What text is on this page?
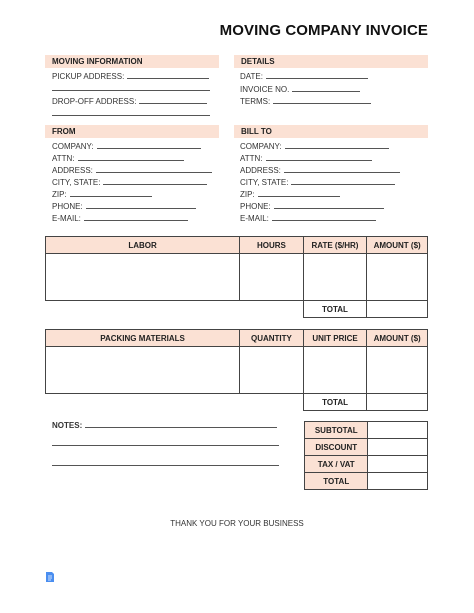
MOVING COMPANY INVOICE
MOVING INFORMATION
PICKUP ADDRESS:
DROP-OFF ADDRESS:
DETAILS
DATE:
INVOICE NO.
TERMS:
FROM
COMPANY:
ATTN:
ADDRESS:
CITY, STATE:
ZIP:
PHONE:
E-MAIL:
BILL TO
COMPANY:
ATTN:
ADDRESS:
CITY, STATE:
ZIP:
PHONE:
E-MAIL:
LABOR	HOURS	RATE ($/HR)	AMOUNT ($)

		TOTAL	
PACKING MATERIALS	QUANTITY	UNIT PRICE	AMOUNT ($)

		TOTAL	
NOTES:	SUBTOTAL	
DISCOUNT	
TAX / VAT	
TOTAL	
THANK YOU FOR YOUR BUSINESS
